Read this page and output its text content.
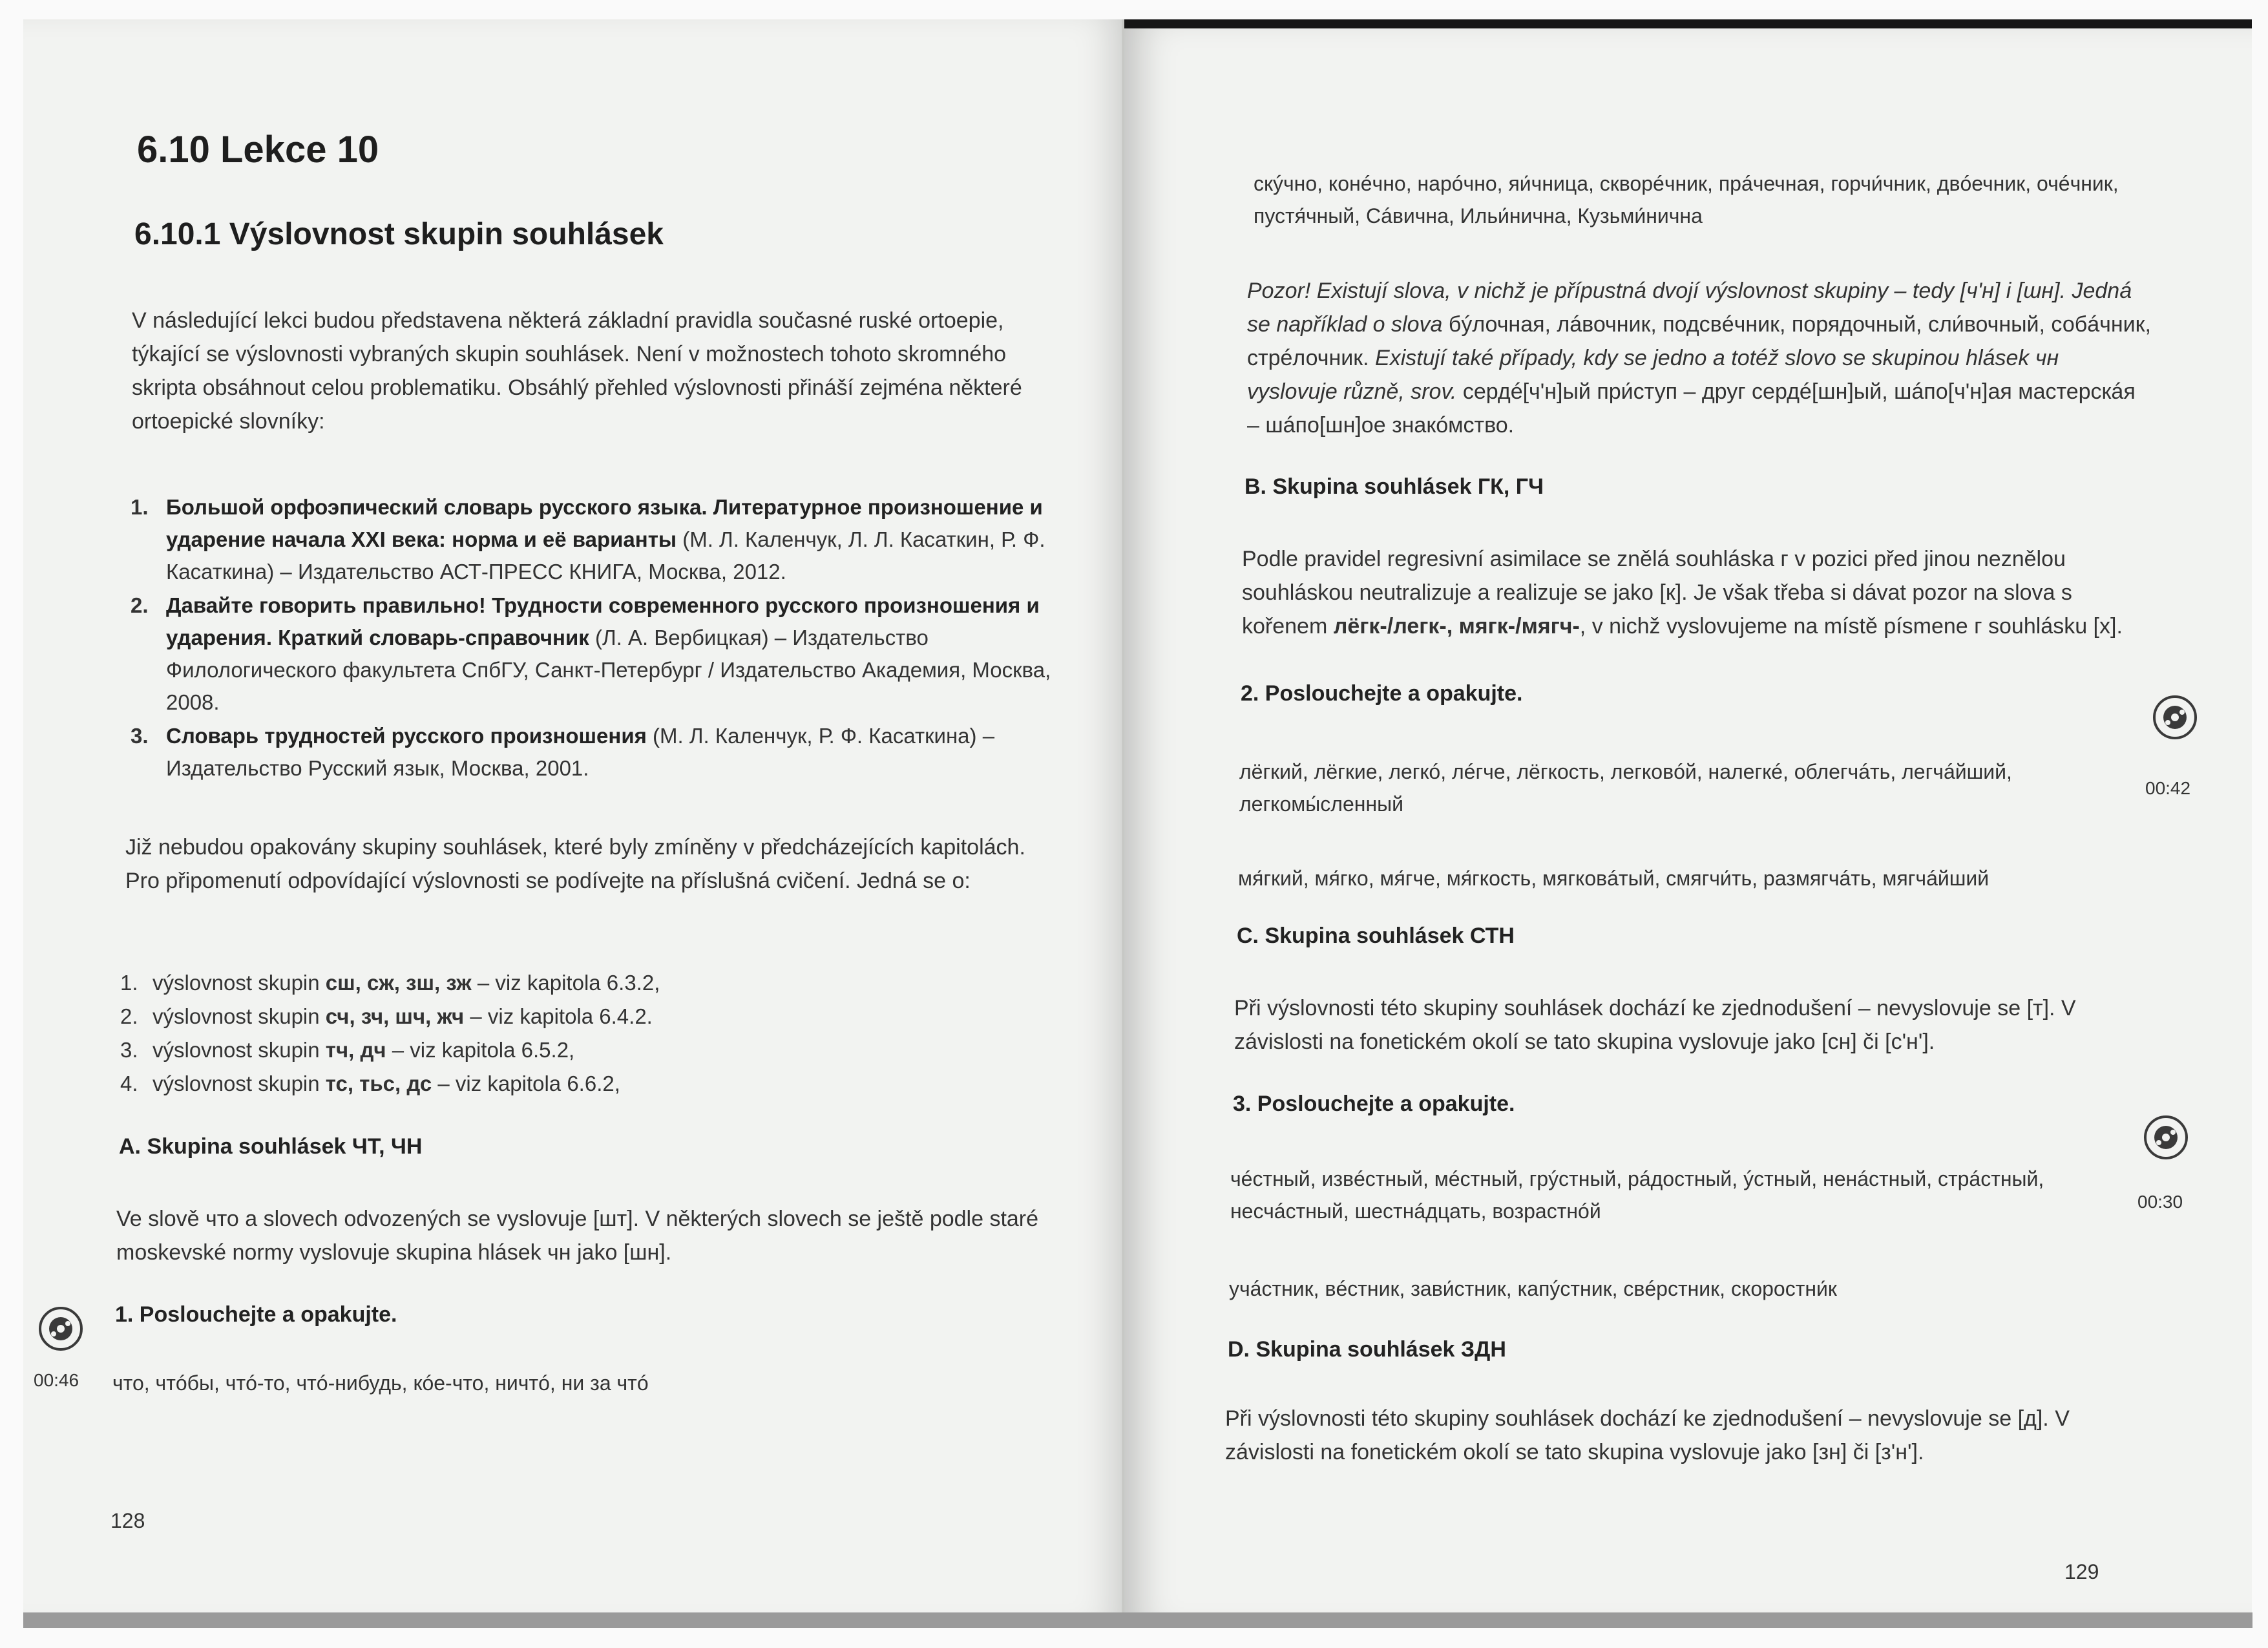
6.10 Lekce 10
6.10.1 Výslovnost skupin souhlásek

V následující lekci budou představena některá základní pravidla současné ruské ortoepie, týkající se výslovnosti vybraných skupin souhlásek. Není v možnostech tohoto skromného skripta obsáhnout celou problematiku. Obsáhlý přehled výslovnosti přináší zejména některé ortoepické slovníky:

1. Большой орфоэпический словарь русского языка. Литературное произношение и ударение начала XXI века: норма и её варианты (М. Л. Каленчук, Л. Л. Касаткин, Р. Ф. Касаткина) – Издательство АСТ-ПРЕСС КНИГА, Москва, 2012.
2. Давайте говорить правильно! Трудности современного русского произношения и ударения. Краткий словарь-справочник (Л. А. Вербицкая) – Издательство Филологического факультета СпбГУ, Санкт-Петербург / Издательство Академия, Москва, 2008.
3. Словарь трудностей русского произношения (М. Л. Каленчук, Р. Ф. Касаткина) – Издательство Русский язык, Москва, 2001.

Již nebudou opakovány skupiny souhlásek, které byly zmíněny v předcházejících kapitolách. Pro připomenutí odpovídající výslovnosti se podívejte na příslušná cvičení. Jedná se o:

1. výslovnost skupin сш, сж, зш, зж – viz kapitola 6.3.2,
2. výslovnost skupin сч, зч, шч, жч – viz kapitola 6.4.2.
3. výslovnost skupin тч, дч – viz kapitola 6.5.2,
4. výslovnost skupin тс, тьс, дс – viz kapitola 6.6.2,
A. Skupina souhlásek ЧТ, ЧН

Ve slově что a slovech odvozených se vyslovuje [шт]. V některých slovech se ještě podle staré moskevské normy vyslovuje skupina hlásek чн jako [шн].

1. Poslouchejte a opakujte.
00:46 что, чтóбы, чтó-то, чтó-нибудь, кóе-что, ничтó, ни за чтó
128

скýчно, конéчно, нарóчно, яи́чница, скворéчник, прáчечная, горчи́чник, двóечник, очéчник, пустя́чный, Сáвична, Ильи́нична, Кузьми́нична

Pozor! Existují slova, v nichž je přípustná dvojí výslovnost skupiny – tedy [ч'н] i [шн]. Jedná se například o slova бýлочная, лáвочник, подсвéчник, порядочный, сли́вочный, собáчник, стрéлочник. Existují také případy, kdy se jedno a totéž slovo se skupinou hlásek чн vyslovuje různě, srov. сердé[ч'н]ый при́ступ – друг сердé[шн]ый, шáпо[ч'н]ая мастерскáя – шáпо[шн]ое знакóмство.

B. Skupina souhlásek ГК, ГЧ

Podle pravidel regresivní asimilace se znělá souhláska г v pozici před jinou neznělou souhláskou neutralizuje a realizuje se jako [к]. Je však třeba si dávat pozor na slova s kořenem лёгк-/легк-, мягк-/мягч-, v nichž vyslovujeme na místě písmene г souhlásku [х].

2. Poslouchejte a opakujte.
00:42

лёгкий, лёгкие, легкó, лéгче, лёгкость, легковóй, налегкé, облегчáть, легчáйший, легкомы́сленный

мя́гкий, мя́гко, мя́гче, мя́гкость, мягковáтый, смягчи́ть, размягчáть, мягчáйший

C. Skupina souhlásek СТН

Při výslovnosti této skupiny souhlásek dochází ke zjednodušení – nevyslovuje se [т]. V závislosti na fonetickém okolí se tato skupina vyslovuje jako [сн] či [с'н'].

3. Poslouchejte a opakujte.
00:30

чéстный, извéстный, мéстный, грýстный, рáдостный, ýстный, ненáстный, стрáстный, несчáстный, шестнáдцать, возрастнóй

учáстник, вéстник, зави́стник, капýстник, свéрстник, скоростни́к

D. Skupina souhlásek ЗДН

Při výslovnosti této skupiny souhlásek dochází ke zjednodušení – nevyslovuje se [д]. V závislosti na fonetickém okolí se tato skupina vyslovuje jako [зн] či [з'н'].

129
